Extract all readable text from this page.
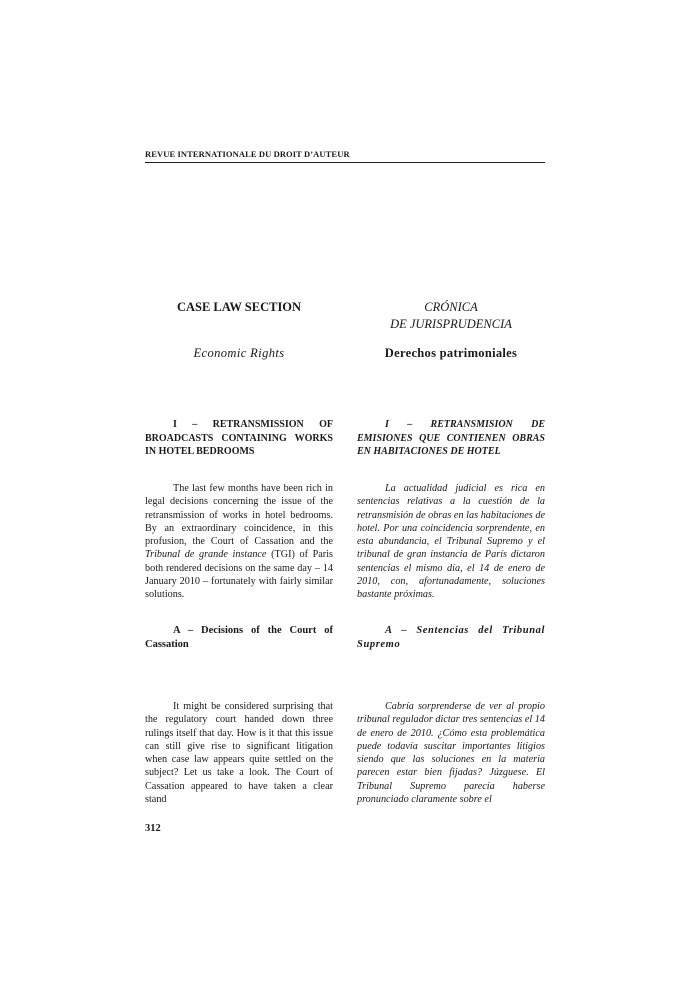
REVUE INTERNATIONALE DU DROIT D’AUTEUR
CASE LAW SECTION	CRÓNICA
DE JURISPRUDENCIA
Economic Rights	Derechos patrimoniales
I – RETRANSMISSION OF BROADCASTS CONTAINING WORKS IN HOTEL BEDROOMS

The last few months have been rich in legal decisions concerning the issue of the retransmission of works in hotel bedrooms. By an extraordinary coincidence, in this profusion, the Court of Cassation and the Tribunal de grande instance (TGI) of Paris both rendered decisions on the same day – 14 January 2010 – fortunately with fairly similar solutions.

A – Decisions of the Court of Cassation

It might be considered surprising that the regulatory court handed down three rulings itself that day. How is it that this issue can still give rise to significant litigation when case law appears quite settled on the subject? Let us take a look. The Court of Cassation appeared to have taken a clear stand

I – RETRANSMISION DE EMISIONES QUE CONTIENEN OBRAS EN HABITACIONES DE HOTEL

La actualidad judicial es rica en sentencias relativas a la cuestión de la retransmisión de obras en las habitaciones de hotel. Por una coincidencia sorprendente, en esta abundancia, el Tribunal Supremo y el tribunal de gran instancia de París dictaron sentencias el mismo día, el 14 de enero de 2010, con, afortunadamente, soluciones bastante próximas.

A – Sentencias del Tribunal Supremo

Cabría sorprenderse de ver al propio tribunal regulador dictar tres sentencias el 14 de enero de 2010. ¿Cómo esta problemática puede todavía suscitar importantes litigios siendo que las soluciones en la materia parecen estar bien fijadas? Júzguese. El Tribunal Supremo parecía haberse pronunciado claramente sobre el

312
